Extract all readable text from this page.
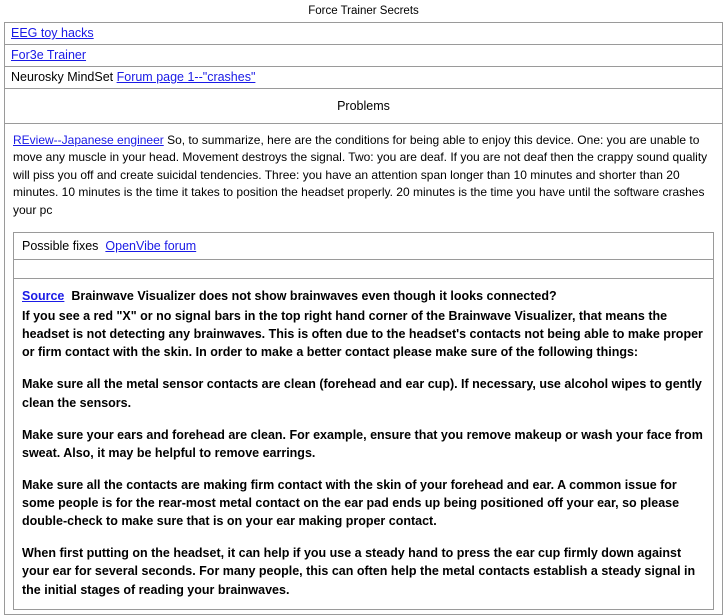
Force Trainer Secrets
EEG toy hacks
For3e Trainer
Neurosky MindSet Forum page 1--"crashes"
Problems
REview--Japanese engineer So, to summarize, here are the conditions for being able to enjoy this device. One: you are unable to move any muscle in your head. Movement destroys the signal. Two: you are deaf. If you are not deaf then the crappy sound quality will piss you off and create suicidal tendencies. Three: you have an attention span longer than 10 minutes and shorter than 20 minutes. 10 minutes is the time it takes to position the headset properly. 20 minutes is the time you have until the software crashes your pc
Possible fixes OpenVibe forum
Source Brainwave Visualizer does not show brainwaves even though it looks connected?

If you see a red "X" or no signal bars in the top right hand corner of the Brainwave Visualizer, that means the headset is not detecting any brainwaves. This is often due to the headset's contacts not being able to make proper or firm contact with the skin. In order to make a better contact please make sure of the following things:

Make sure all the metal sensor contacts are clean (forehead and ear cup). If necessary, use alcohol wipes to gently clean the sensors.

Make sure your ears and forehead are clean. For example, ensure that you remove makeup or wash your face from sweat. Also, it may be helpful to remove earrings.

Make sure all the contacts are making firm contact with the skin of your forehead and ear. A common issue for some people is for the rear-most metal contact on the ear pad ends up being positioned off your ear, so please double-check to make sure that is on your ear making proper contact.

When first putting on the headset, it can help if you use a steady hand to press the ear cup firmly down against your ear for several seconds. For many people, this can often help the metal contacts establish a steady signal in the initial stages of reading your brainwaves.
